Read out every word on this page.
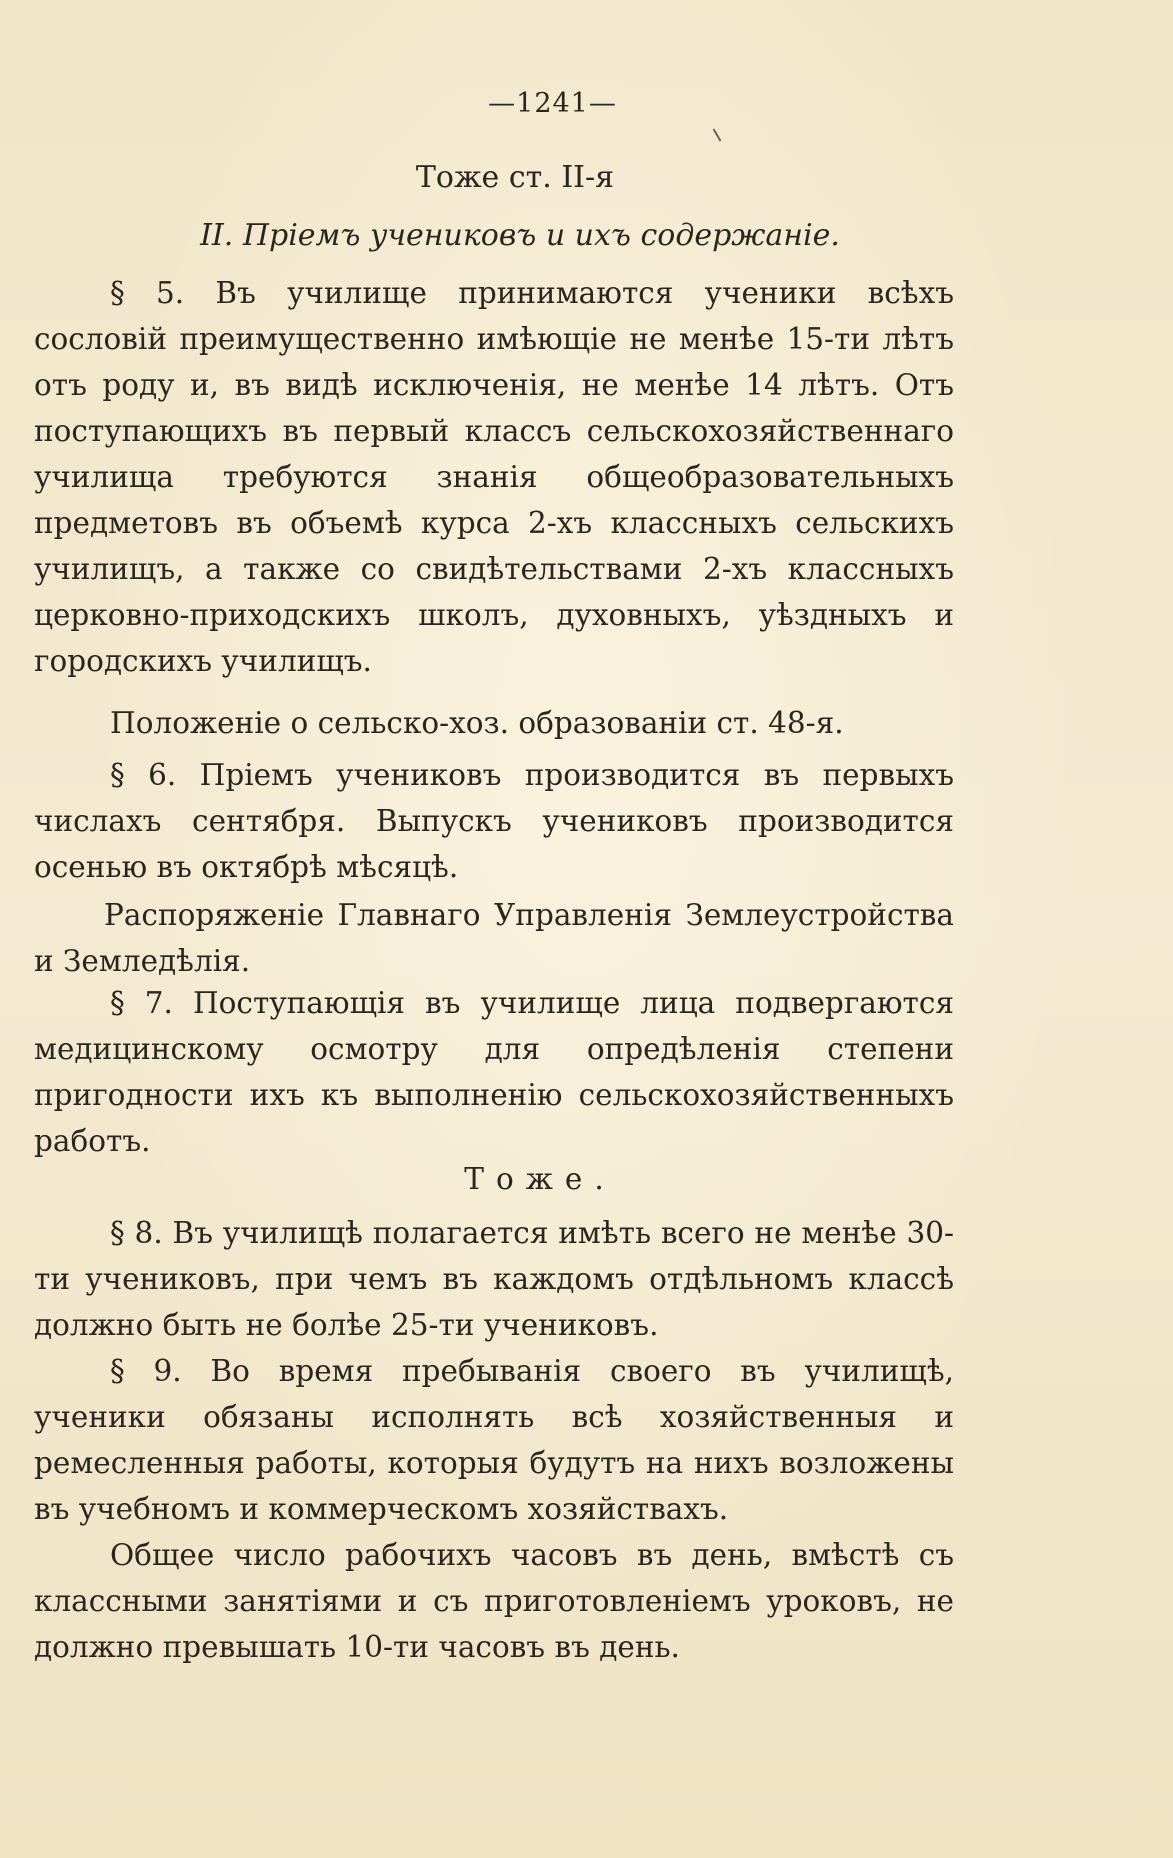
—1241—
Тоже ст. II-я
II. Пріемъ учениковъ и ихъ содержаніе.
§ 5. Въ училище принимаются ученики всѣхъ сословій преимущественно имѣющіе не менѣе 15-ти лѣтъ отъ роду и, въ видѣ исключенія, не менѣе 14 лѣтъ. Отъ поступающихъ въ первый классъ сельскохозяйственнаго училища требуются знанія общеобразовательныхъ предметовъ въ объемѣ курса 2-хъ классныхъ сельскихъ училищъ, а также со свидѣтельствами 2-хъ классныхъ церковно-приходскихъ школъ, духовныхъ, уѣздныхъ и городскихъ училищъ.
Положеніе о сельско-хоз. образованіи ст. 48-я.
§ 6. Пріемъ учениковъ производится въ первыхъ числахъ сентября. Выпускъ учениковъ производится осенью въ октябрѣ мѣсяцѣ.
Распоряженіе Главнаго Управленія Землеустройства и Земледѣлія.
§ 7. Поступающія въ училище лица подвергаются медицинскому осмотру для опредѣленія степени пригодности ихъ къ выполненію сельскохозяйственныхъ работъ.
Тоже.
§ 8. Въ училищѣ полагается имѣть всего не менѣе 30-ти учениковъ, при чемъ въ каждомъ отдѣльномъ классѣ должно быть не болѣе 25-ти учениковъ.
§ 9. Во время пребыванія своего въ училищѣ, ученики обязаны исполнять всѣ хозяйственныя и ремесленныя работы, которыя будутъ на нихъ возложены въ учебномъ и коммерческомъ хозяйствахъ.
Общее число рабочихъ часовъ въ день, вмѣстѣ съ классными занятіями и съ приготовленіемъ уроковъ, не должно превышать 10-ти часовъ въ день.
